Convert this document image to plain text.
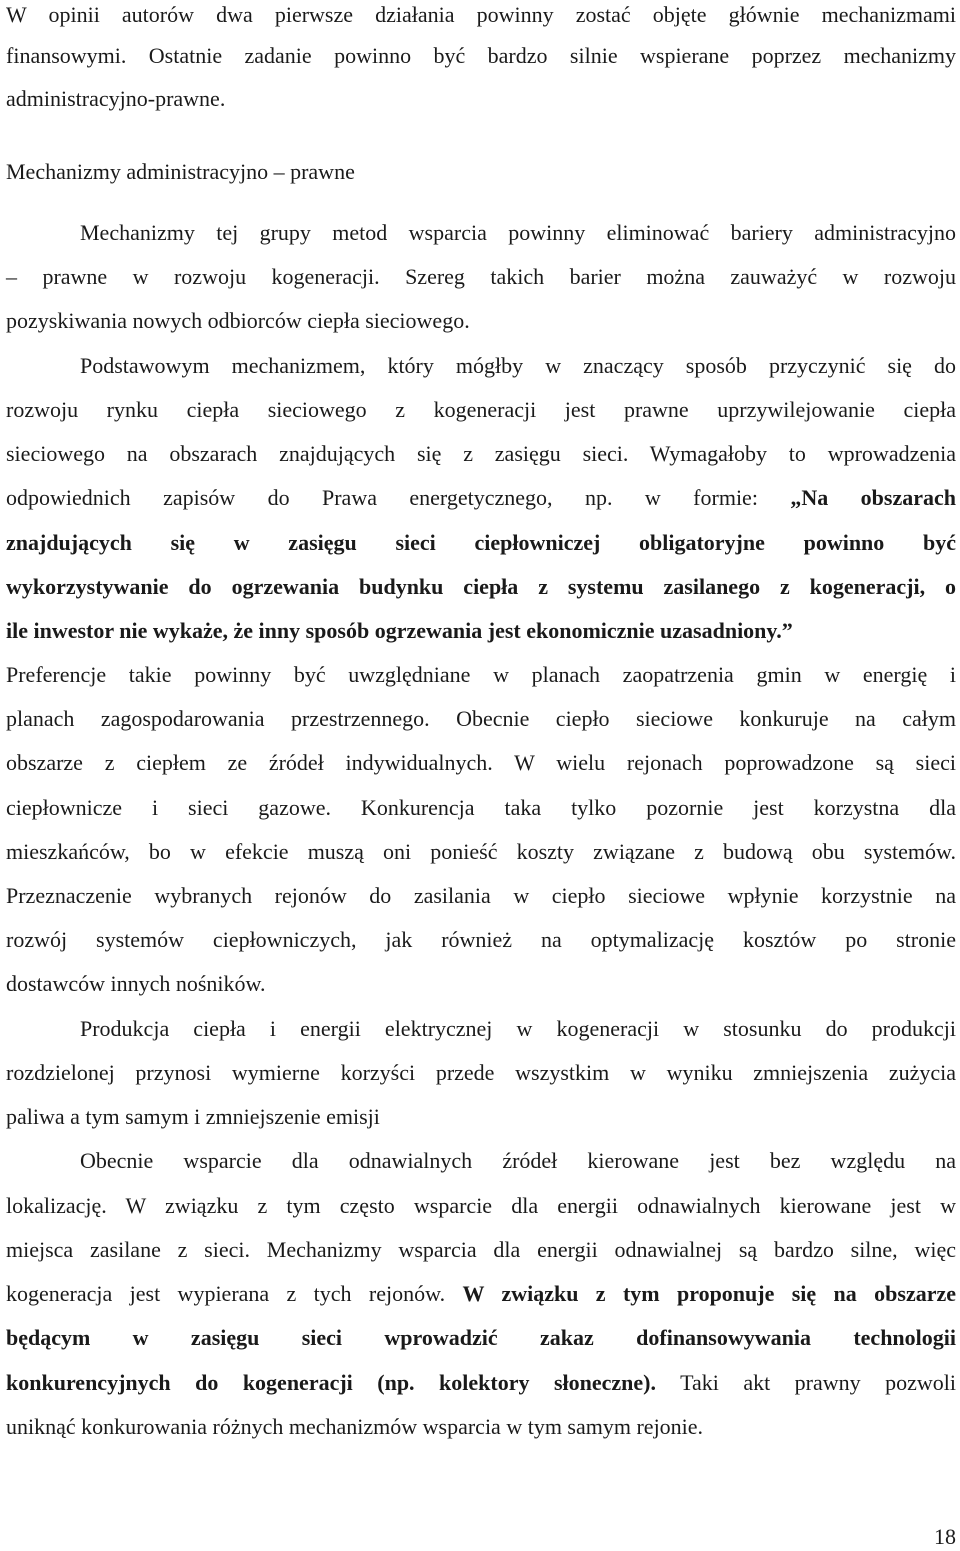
W opinii autorów dwa pierwsze działania powinny zostać objęte głównie mechanizmami
finansowymi. Ostatnie zadanie powinno być bardzo silnie wspierane poprzez mechanizmy
administracyjno-prawne.
Mechanizmy administracyjno – prawne
Mechanizmy tej grupy metod wsparcia powinny eliminować bariery administracyjno
– prawne w rozwoju kogeneracji. Szereg takich barier można zauważyć w rozwoju
pozyskiwania nowych odbiorców ciepła sieciowego.
Podstawowym mechanizmem, który mógłby w znaczący sposób przyczynić się do
rozwoju rynku ciepła sieciowego z kogeneracji jest prawne uprzywilejowanie ciepła
sieciowego na obszarach znajdujących się z zasięgu sieci. Wymagałoby to wprowadzenia
odpowiednich zapisów do Prawa energetycznego, np. w formie: „Na obszarach
znajdujących się w zasięgu sieci ciepłowniczej obligatoryjne powinno być
wykorzystywanie do ogrzewania budynku ciepła z systemu zasilanego z kogeneracji, o
ile inwestor nie wykaże, że inny sposób ogrzewania jest ekonomicznie uzasadniony.”
Preferencje takie powinny być uwzględniane w planach zaopatrzenia gmin w energię i
planach zagospodarowania przestrzennego. Obecnie ciepło sieciowe konkuruje na całym
obszarze z ciepłem ze źródeł indywidualnych. W wielu rejonach poprowadzone są sieci
ciepłownicze i sieci gazowe. Konkurencja taka tylko pozornie jest korzystna dla
mieszkańców, bo w efekcie muszą oni ponieść koszty związane z budową obu systemów.
Przeznaczenie wybranych rejonów do zasilania w ciepło sieciowe wpłynie korzystnie na
rozwój systemów ciepłowniczych, jak również na optymalizację kosztów po stronie
dostawców innych nośników.
Produkcja ciepła i energii elektrycznej w kogeneracji w stosunku do produkcji
rozdzielonej przynosi wymierne korzyści przede wszystkim w wyniku zmniejszenia zużycia
paliwa a tym samym i zmniejszenie emisji
Obecnie wsparcie dla odnawialnych źródeł kierowane jest bez względu na
lokalizację. W związku z tym często wsparcie dla energii odnawialnych kierowane jest w
miejsca zasilane z sieci. Mechanizmy wsparcia dla energii odnawialnej są bardzo silne, więc
kogeneracja jest wypierana z tych rejonów. W związku z tym proponuje się na obszarze
będącym w zasięgu sieci wprowadzić zakaz dofinansowywania technologii
konkurencyjnych do kogeneracji (np. kolektory słoneczne). Taki akt prawny pozwoli
uniknąć konkurowania różnych mechanizmów wsparcia w tym samym rejonie.
18
